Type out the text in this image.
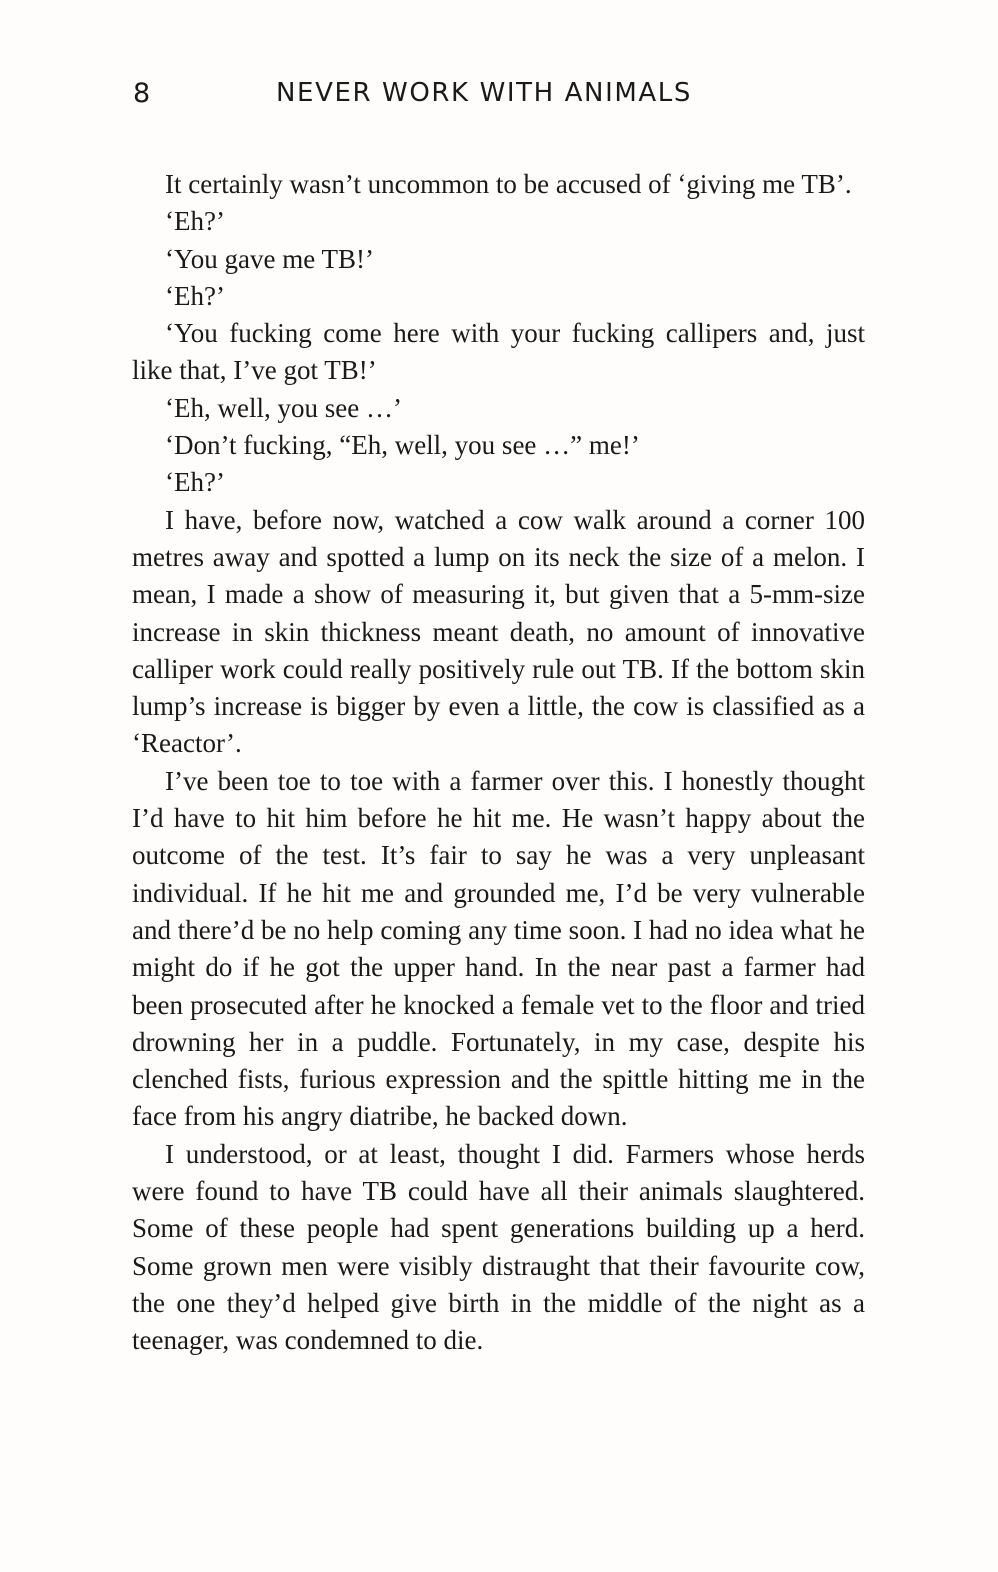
8	NEVER WORK WITH ANIMALS

It certainly wasn’t uncommon to be accused of ‘giving me TB’.

‘Eh?’

‘You gave me TB!’

‘Eh?’

‘You fucking come here with your fucking callipers and, just like that, I’ve got TB!’

‘Eh, well, you see …’

‘Don’t fucking, “Eh, well, you see …” me!’

‘Eh?’

I have, before now, watched a cow walk around a corner 100 metres away and spotted a lump on its neck the size of a melon. I mean, I made a show of measuring it, but given that a 5-mm-size increase in skin thickness meant death, no amount of innovative calliper work could really positively rule out TB. If the bottom skin lump’s increase is bigger by even a little, the cow is classified as a ‘Reactor’.

I’ve been toe to toe with a farmer over this. I honestly thought I’d have to hit him before he hit me. He wasn’t happy about the outcome of the test. It’s fair to say he was a very unpleasant individual. If he hit me and grounded me, I’d be very vulnerable and there’d be no help coming any time soon. I had no idea what he might do if he got the upper hand. In the near past a farmer had been prosecuted after he knocked a female vet to the floor and tried drowning her in a puddle. Fortunately, in my case, despite his clenched fists, furious expression and the spittle hitting me in the face from his angry diatribe, he backed down.

I understood, or at least, thought I did. Farmers whose herds were found to have TB could have all their animals slaughtered. Some of these people had spent generations building up a herd. Some grown men were visibly distraught that their favourite cow, the one they’d helped give birth in the middle of the night as a teenager, was condemned to die.
